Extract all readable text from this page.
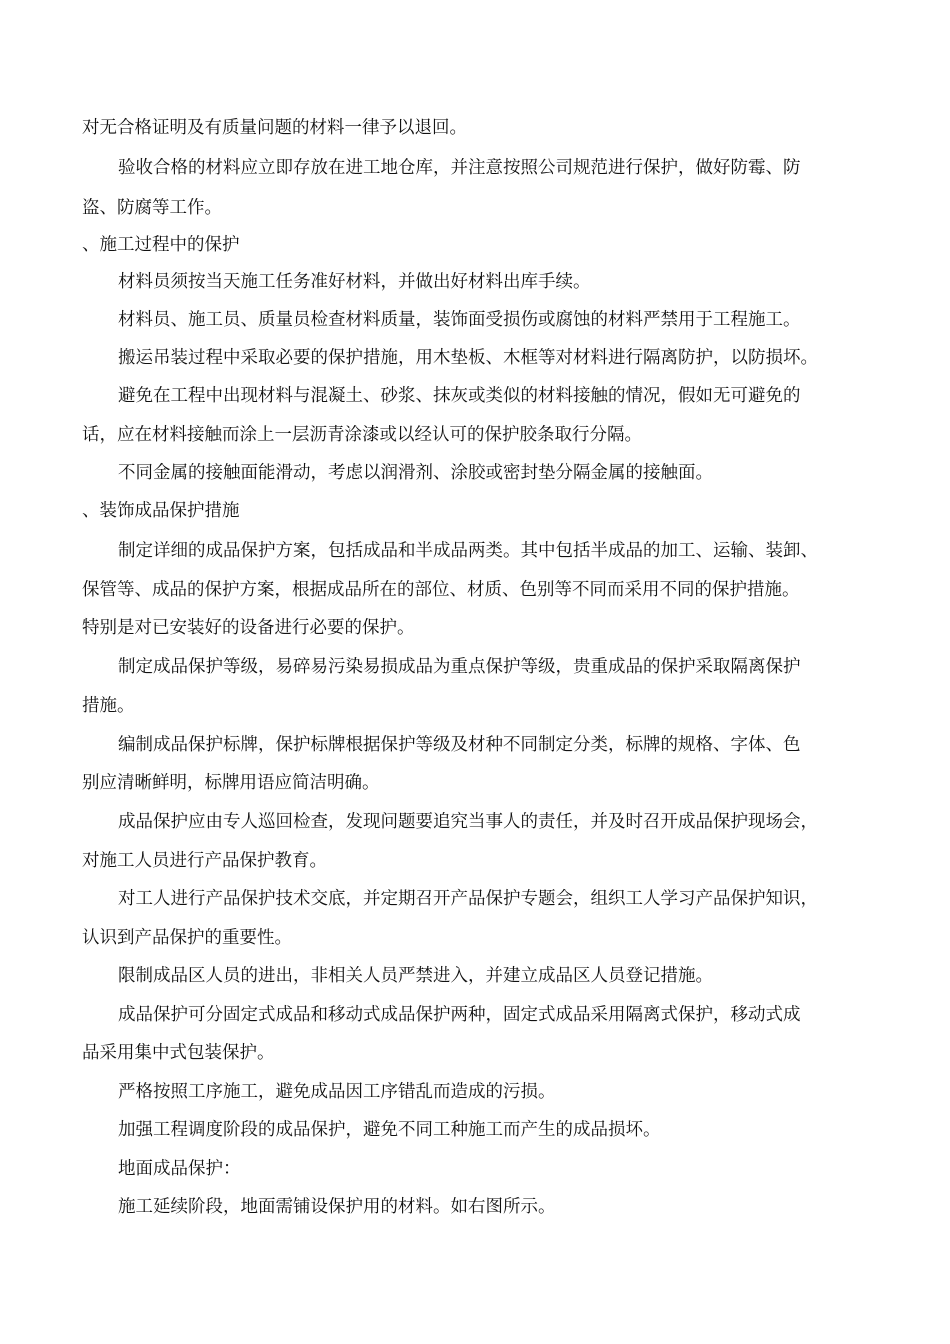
对无合格证明及有质量问题的材料一律予以退回。
验收合格的材料应立即存放在进工地仓库，并注意按照公司规范进行保护，做好防霉、防
盗、防腐等工作。
、施工过程中的保护
材料员须按当天施工任务准好材料，并做出好材料出库手续。
材料员、施工员、质量员检查材料质量，装饰面受损伤或腐蚀的材料严禁用于工程施工。
搬运吊装过程中采取必要的保护措施，用木垫板、木框等对材料进行隔离防护，以防损坏。
避免在工程中出现材料与混凝土、砂浆、抹灰或类似的材料接触的情况，假如无可避免的
话，应在材料接触而涂上一层沥青涂漆或以经认可的保护胶条取行分隔。
不同金属的接触面能滑动，考虑以润滑剂、涂胶或密封垫分隔金属的接触面。
、装饰成品保护措施
制定详细的成品保护方案，包括成品和半成品两类。其中包括半成品的加工、运输、装卸、
保管等、成品的保护方案，根据成品所在的部位、材质、色别等不同而采用不同的保护措施。
特别是对已安装好的设备进行必要的保护。
制定成品保护等级，易碎易污染易损成品为重点保护等级，贵重成品的保护采取隔离保护
措施。
编制成品保护标牌，保护标牌根据保护等级及材种不同制定分类，标牌的规格、字体、色
别应清晰鲜明，标牌用语应简洁明确。
成品保护应由专人巡回检查，发现问题要追究当事人的责任，并及时召开成品保护现场会，
对施工人员进行产品保护教育。
对工人进行产品保护技术交底，并定期召开产品保护专题会，组织工人学习产品保护知识，
认识到产品保护的重要性。
限制成品区人员的进出，非相关人员严禁进入，并建立成品区人员登记措施。
成品保护可分固定式成品和移动式成品保护两种，固定式成品采用隔离式保护，移动式成
品采用集中式包装保护。
严格按照工序施工，避免成品因工序错乱而造成的污损。
加强工程调度阶段的成品保护，避免不同工种施工而产生的成品损坏。
地面成品保护：
施工延续阶段，地面需铺设保护用的材料。如右图所示。
